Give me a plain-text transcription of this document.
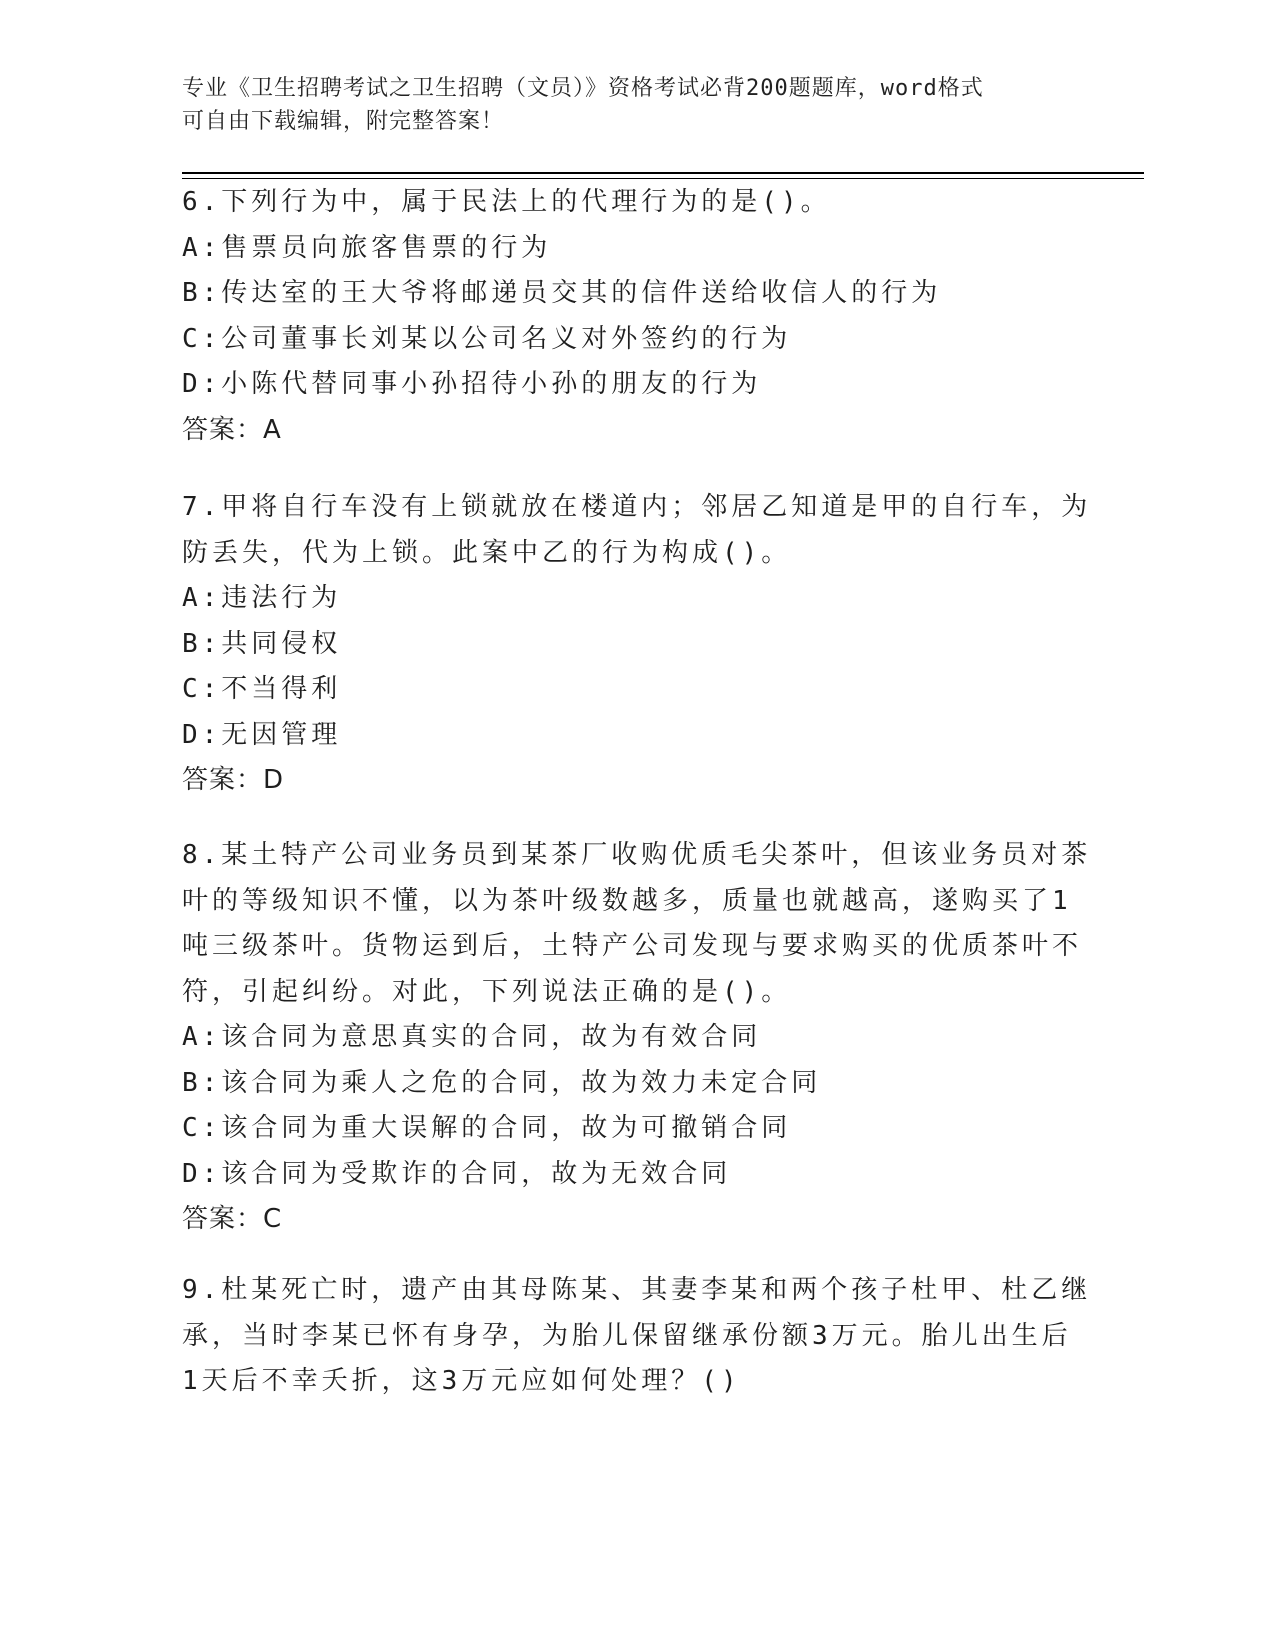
专业《卫生招聘考试之卫生招聘（文员）》资格考试必背200题题库，word格式
可自由下载编辑，附完整答案！
6.下列行为中，属于民法上的代理行为的是()。
A:售票员向旅客售票的行为
B:传达室的王大爷将邮递员交其的信件送给收信人的行为
C:公司董事长刘某以公司名义对外签约的行为
D:小陈代替同事小孙招待小孙的朋友的行为
答案：A
7.甲将自行车没有上锁就放在楼道内；邻居乙知道是甲的自行车，为
防丢失，代为上锁。此案中乙的行为构成()。
A:违法行为
B:共同侵权
C:不当得利
D:无因管理
答案：D
8.某土特产公司业务员到某茶厂收购优质毛尖茶叶，但该业务员对茶
叶的等级知识不懂，以为茶叶级数越多，质量也就越高，遂购买了1
吨三级茶叶。货物运到后，土特产公司发现与要求购买的优质茶叶不
符，引起纠纷。对此，下列说法正确的是()。
A:该合同为意思真实的合同，故为有效合同
B:该合同为乘人之危的合同，故为效力未定合同
C:该合同为重大误解的合同，故为可撤销合同
D:该合同为受欺诈的合同，故为无效合同
答案：C
9.杜某死亡时，遗产由其母陈某、其妻李某和两个孩子杜甲、杜乙继
承，当时李某已怀有身孕，为胎儿保留继承份额3万元。胎儿出生后
1天后不幸夭折，这3万元应如何处理？()
